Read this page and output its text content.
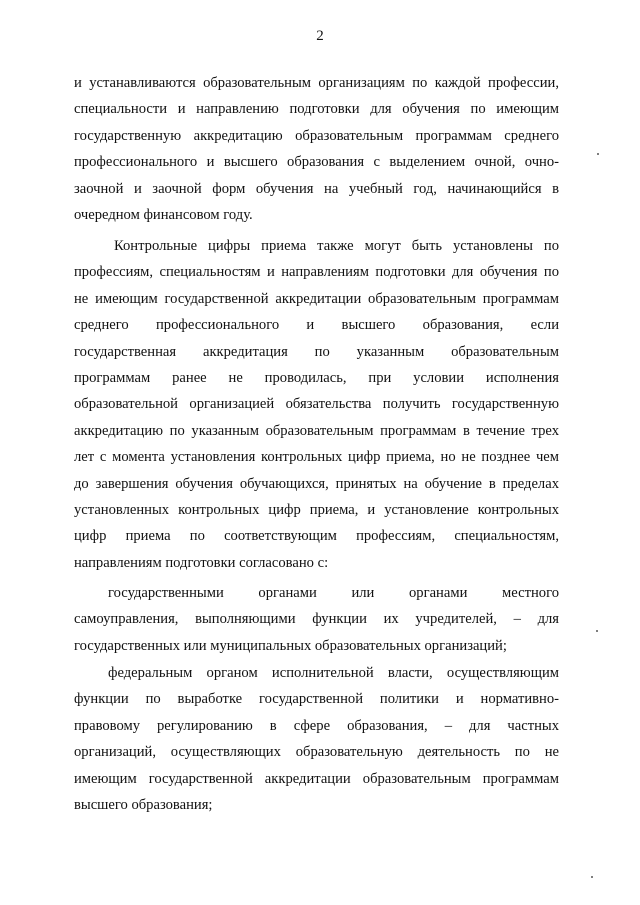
2
и устанавливаются образовательным организациям по каждой профессии,
специальности и направлению подготовки для обучения по имеющим
государственную аккредитацию образовательным программам среднего
профессионального и высшего образования с выделением очной, очно-
заочной и заочной форм обучения на учебный год, начинающийся в
очередном финансовом году.
Контрольные цифры приема также могут быть установлены по
профессиям, специальностям и направлениям подготовки для обучения по
не имеющим государственной аккредитации образовательным программам
среднего профессионального и высшего образования, если
государственная аккредитация по указанным образовательным
программам ранее не проводилась, при условии исполнения
образовательной организацией обязательства получить государственную
аккредитацию по указанным образовательным программам в течение трех
лет с момента установления контрольных цифр приема, но не позднее чем
до завершения обучения обучающихся, принятых на обучение в пределах
установленных контрольных цифр приема, и установление контрольных
цифр приема по соответствующим профессиям, специальностям,
направлениям подготовки согласовано с:
государственными органами или органами местного
самоуправления, выполняющими функции их учредителей, – для
государственных или муниципальных образовательных организаций;
федеральным органом исполнительной власти, осуществляющим
функции по выработке государственной политики и нормативно-
правовому регулированию в сфере образования, – для частных
организаций, осуществляющих образовательную деятельность по не
имеющим государственной аккредитации образовательным программам
высшего образования;
